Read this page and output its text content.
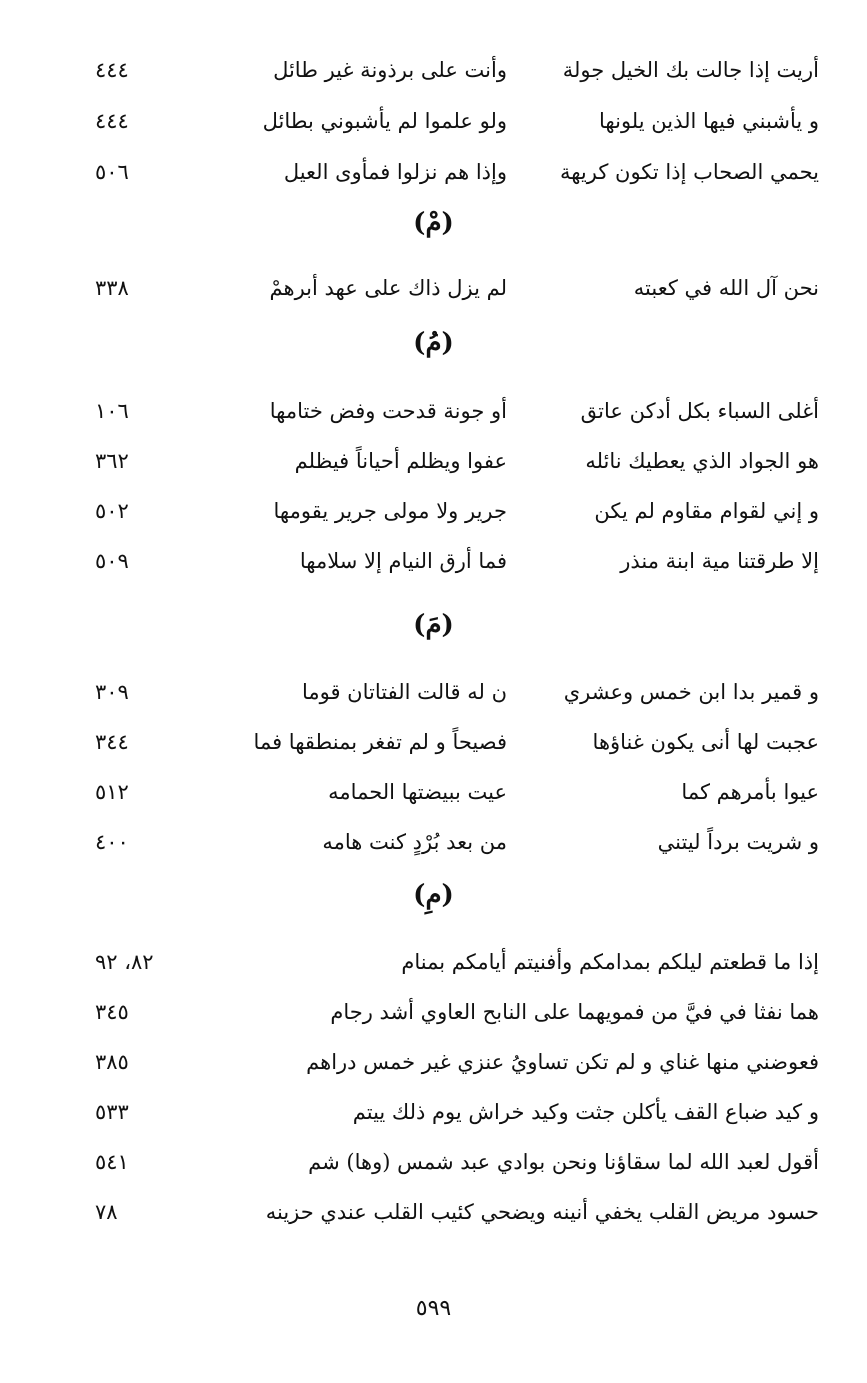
أريت إذا جالت بك الخيل جولة
وأنت على برذونة غير طائل
٤٤٤
و يأشبني فيها الذين يلونها
ولو علموا لم يأشبوني بطائل
٤٤٤
يحمي الصحاب إذا تكون كريهة
وإذا هم نزلوا فمأوى العيل
٥٠٦
(مْ)
نحن آل الله في كعبته
لم يزل ذاك على عهد أبرهمْ
٣٣٨
(مُ)
أغلى السباء بكل أدكن عاتق
أو جونة قدحت وفض ختامها
١٠٦
هو الجواد الذي يعطيك نائله
عفوا ويظلم أحياناً فيظلم
٣٦٢
و إني لقوام مقاوم لم يكن
جرير ولا مولى جرير يقومها
٥٠٢
إلا طرقتنا مية ابنة منذر
فما أرق النيام إلا سلامها
٥٠٩
(مَ)
و قمير بدا ابن خمس وعشري
ن له قالت الفتاتان قوما
٣٠٩
عجبت لها أنى يكون غناؤها
فصيحاً و لم تفغر بمنطقها فما
٣٤٤
عيوا بأمرهم كما
عيت ببيضتها الحمامه
٥١٢
و شريت برداً ليتني
من بعد بُرْدٍ كنت هامه
٤٠٠
(مِ)
إذا ما قطعتم ليلكم بمدامكم وأفنيتم أيامكم بمنام
٨٢، ٩٢
هما نفثا في فيَّ من فمويهما على النابح العاوي أشد رجام
٣٤٥
فعوضني منها غناي و لم تكن تساويُ عنزي غير خمس دراهم
٣٨٥
و كيد ضباع القف يأكلن جثت وكيد خراش يوم ذلك ييتم
٥٣٣
أقول لعبد الله لما سقاؤنا ونحن بوادي عبد شمس (وها) شم
٥٤١
حسود مريض القلب يخفي أنينه ويضحي كئيب القلب عندي حزينه
٧٨
٥٩٩
